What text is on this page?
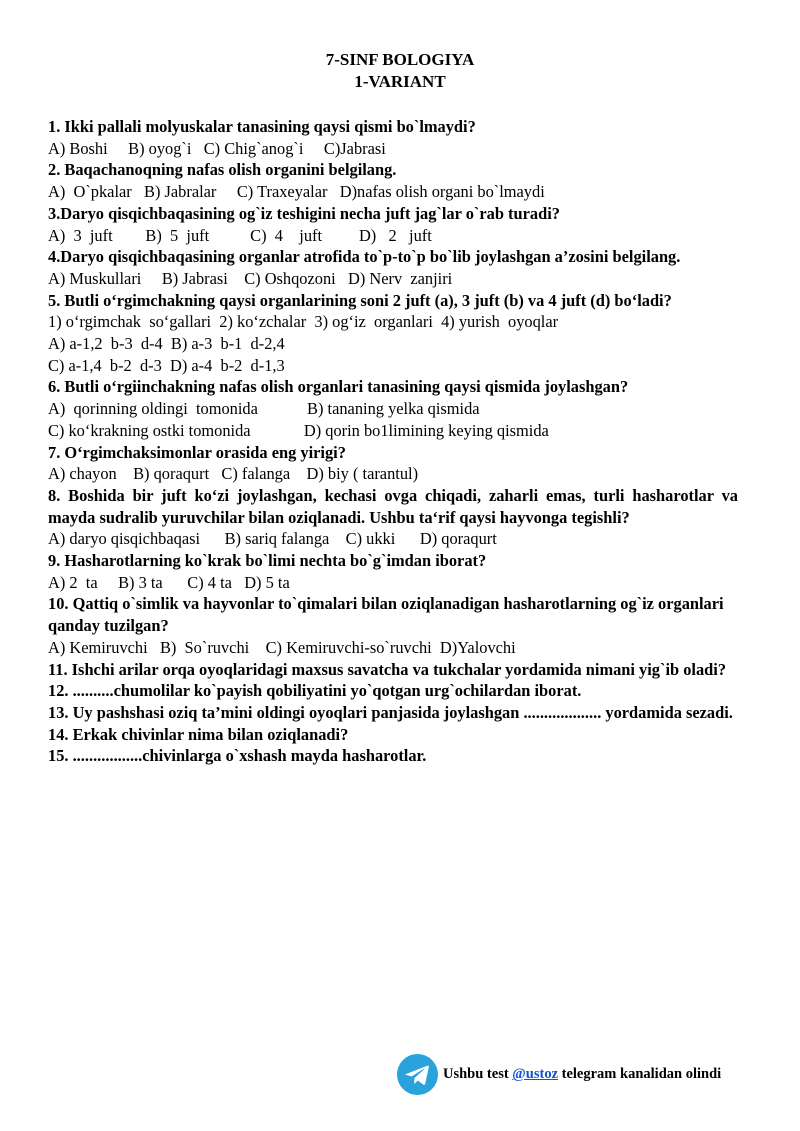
7-SINF BOLOGIYA
1-VARIANT
1. Ikki pallali molyuskalar tanasining qaysi qismi bo`lmaydi?
A) Boshi     B) oyog`i   C) Chig`anog`i     C)Jabrasi
2. Baqachanoqning nafas olish organini belgilang.
A)  O`pkalar   B) Jabralar     C) Traxeyalar   D)nafas olish organi bo`lmaydi
3.Daryo qisqichbaqasining og`iz teshigini necha juft jag`lar o`rab turadi?
A)  3  juft        B)  5  juft          C)  4    juft         D)   2   juft
4.Daryo qisqichbaqasining organlar atrofida to`p-to`p bo`lib joylashgan a’zosini belgilang.
A) Muskullari     B) Jabrasi    C) Oshqozoni   D) Nerv  zanjiri
5. Butli o‘rgimchakning qaysi organlarining soni 2 juft (a), 3 juft (b) va 4 juft (d) bo‘ladi?
1) o‘rgimchak  so‘gallari  2) ko‘zchalar  3) og‘iz  organlari  4) yurish  oyoqlar
A) a-1,2  b-3  d-4  B) a-3  b-1  d-2,4
C) a-1,4  b-2  d-3  D) a-4  b-2  d-1,3
6. Butli o‘rgiinchakning nafas olish organlari tanasining qaysi qismida joylashgan?
A)  qorinning oldingi  tomonida            B) tananing yelka qismida
C) ko‘krakning ostki tomonida             D) qorin bo1limining keying qismida
7. O‘rgimchaksimonlar orasida eng yirigi?
A) chayon    B) qoraqurt   C) falanga    D) biy ( tarantul)
8. Boshida bir juft ko‘zi joylashgan, kechasi ovga chiqadi, zaharli emas, turli hasharotlar va mayda sudralib yuruvchilar bilan oziqlanadi. Ushbu ta‘rif qaysi hayvonga tegishli?
A) daryo qisqichbaqasi      B) sariq falanga    C) ukki      D) qoraqurt
9. Hasharotlarning ko`krak bo`limi nechta bo`g`imdan iborat?
A) 2  ta     B) 3 ta      C) 4 ta   D) 5 ta
10. Qattiq o`simlik va hayvonlar to`qimalari bilan oziqlanadigan hasharotlarning og`iz organlari qanday tuzilgan?
A) Kemiruvchi   B)  So`ruvchi    C) Kemiruvchi-so`ruvchi  D)Yalovchi
11. Ishchi arilar orqa oyoqlaridagi maxsus savatcha va tukchalar yordamida nimani yig`ib oladi?
12. ..........chumolilar ko`payish qobiliyatini yo`qotgan urg`ochilardan iborat.
13. Uy pashshasi oziq ta’mini oldingi oyoqlari panjasida joylashgan ................... yordamida sezadi.
14. Erkak chivinlar nima bilan oziqlanadi?
15. .................chivinlarga o`xshash mayda hasharotlar.
Ushbu test @ustoz telegram kanalidan olindi
